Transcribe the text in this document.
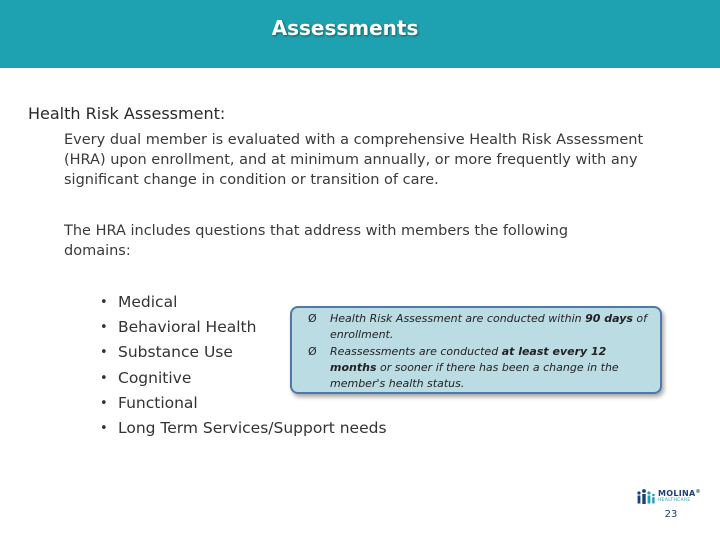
Assessments
Health Risk Assessment:
Every dual member is evaluated with a comprehensive Health Risk Assessment (HRA) upon enrollment, and at minimum annually, or more frequently with any significant change in condition or transition of care.
The HRA includes questions that address with members the following domains:
• Medical
• Behavioral Health
• Substance Use
• Cognitive
• Functional
• Long Term Services/Support needs
Ø	Health Risk Assessment are conducted within 90 days of enrollment.
Ø	Reassessments are conducted at least every 12 months or sooner if there has been a change in the member's health status.
MOLINA®
HEALTHCARE
23
